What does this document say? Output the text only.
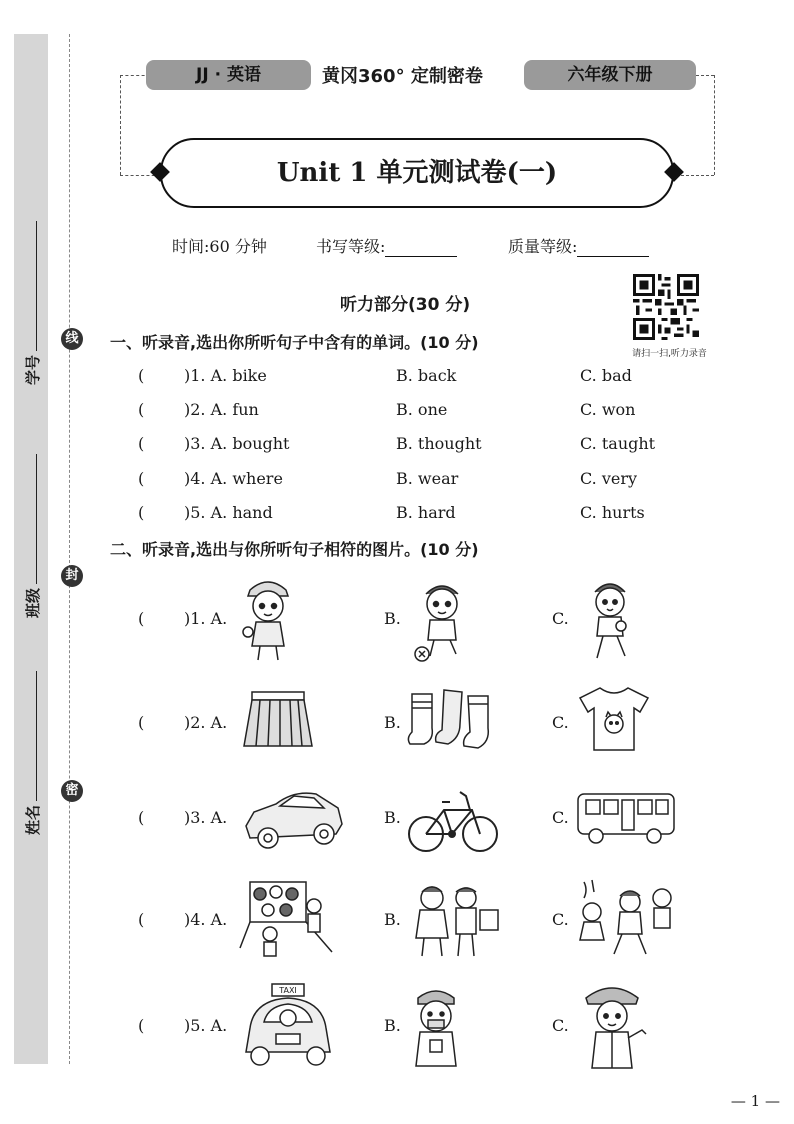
学号
班级
姓名
线
封
密
JJ · 英语	黄冈360° 定制密卷	六年级下册
Unit 1 单元测试卷(一)
时间:60 分钟	书写等级:	质量等级:
听力部分(30 分)
请扫一扫,听力录音
一、听录音,选出你所听句子中含有的单词。(10 分)
( )1. A. bike	B. back	C. bad
( )2. A. fun	B. one	C. won
( )3. A. bought	B. thought	C. taught
( )4. A. where	B. wear	C. very
( )5. A. hand	B. hard	C. hurts
二、听录音,选出与你所听句子相符的图片。(10 分)
( )1. A.	B.	C.
( )2. A.	B.	C.
( )3. A.	B.	C.
( )4. A.	B.	C.
( )5. A.	B.	C.
TAXI
— 1 —
